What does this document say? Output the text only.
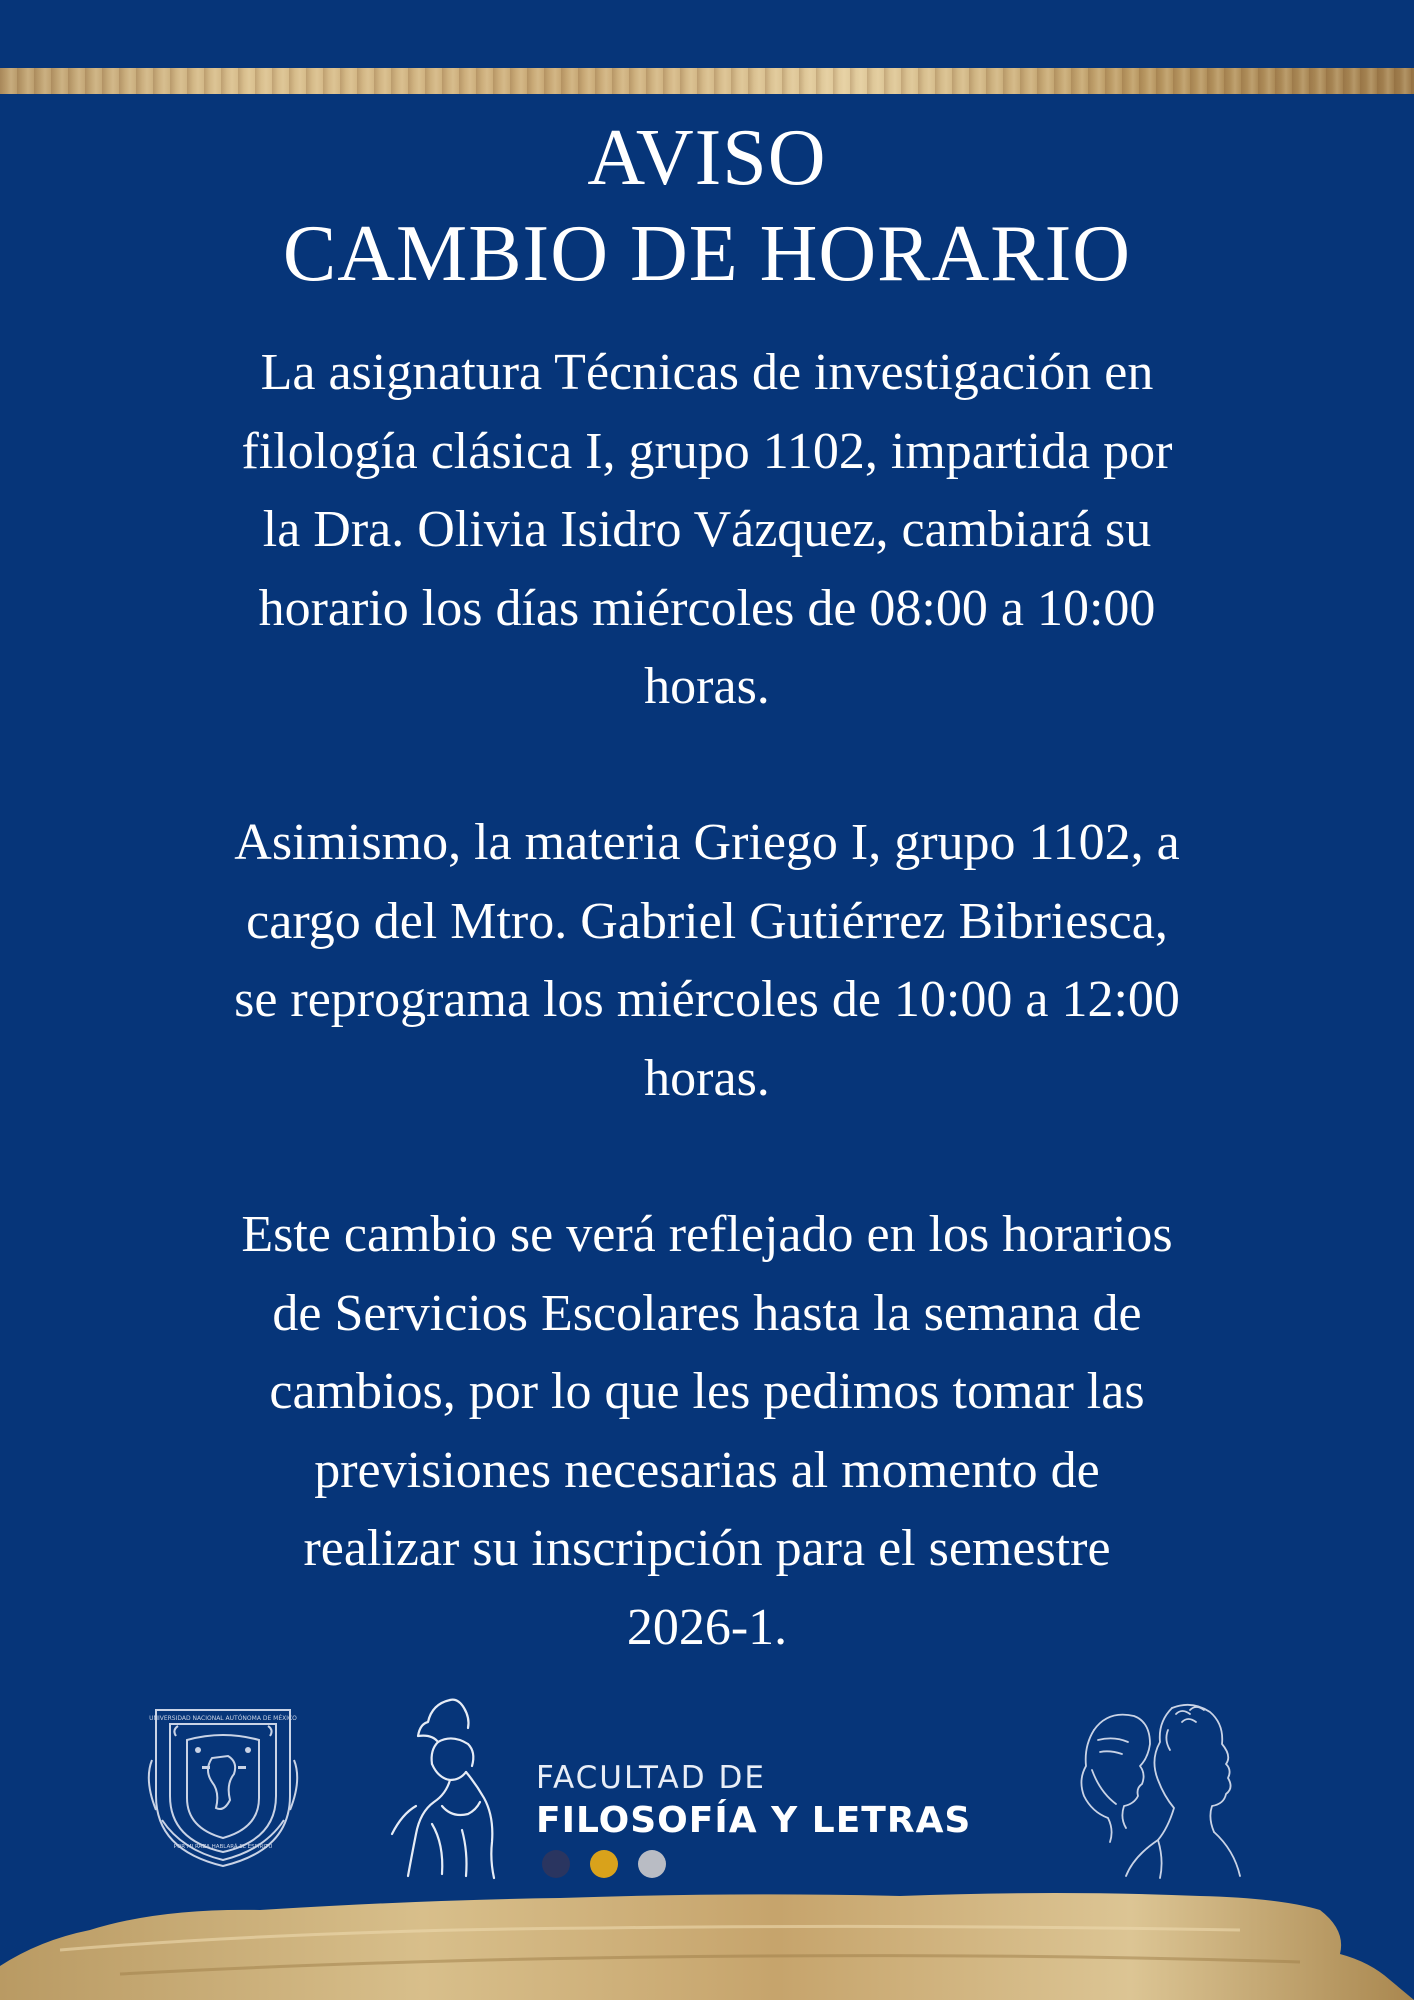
AVISO
CAMBIO DE HORARIO
La asignatura Técnicas de investigación en
filología clásica I, grupo 1102, impartida por
la Dra. Olivia Isidro Vázquez, cambiará su
horario los días miércoles de 08:00 a 10:00
horas.
Asimismo, la materia Griego I, grupo 1102, a
cargo del Mtro. Gabriel Gutiérrez Bibriesca,
se reprograma los miércoles de 10:00 a 12:00
horas.
Este cambio se verá reflejado en los horarios
de Servicios Escolares hasta la semana de
cambios, por lo que les pedimos tomar las
previsiones necesarias al momento de
realizar su inscripción para el semestre
2026-1.
UNIVERSIDAD NACIONAL AUTÓNOMA DE MÉXICO
POR MI RAZA HABLARÁ EL ESPÍRITU
FACULTAD DE
FILOSOFÍA Y LETRAS
